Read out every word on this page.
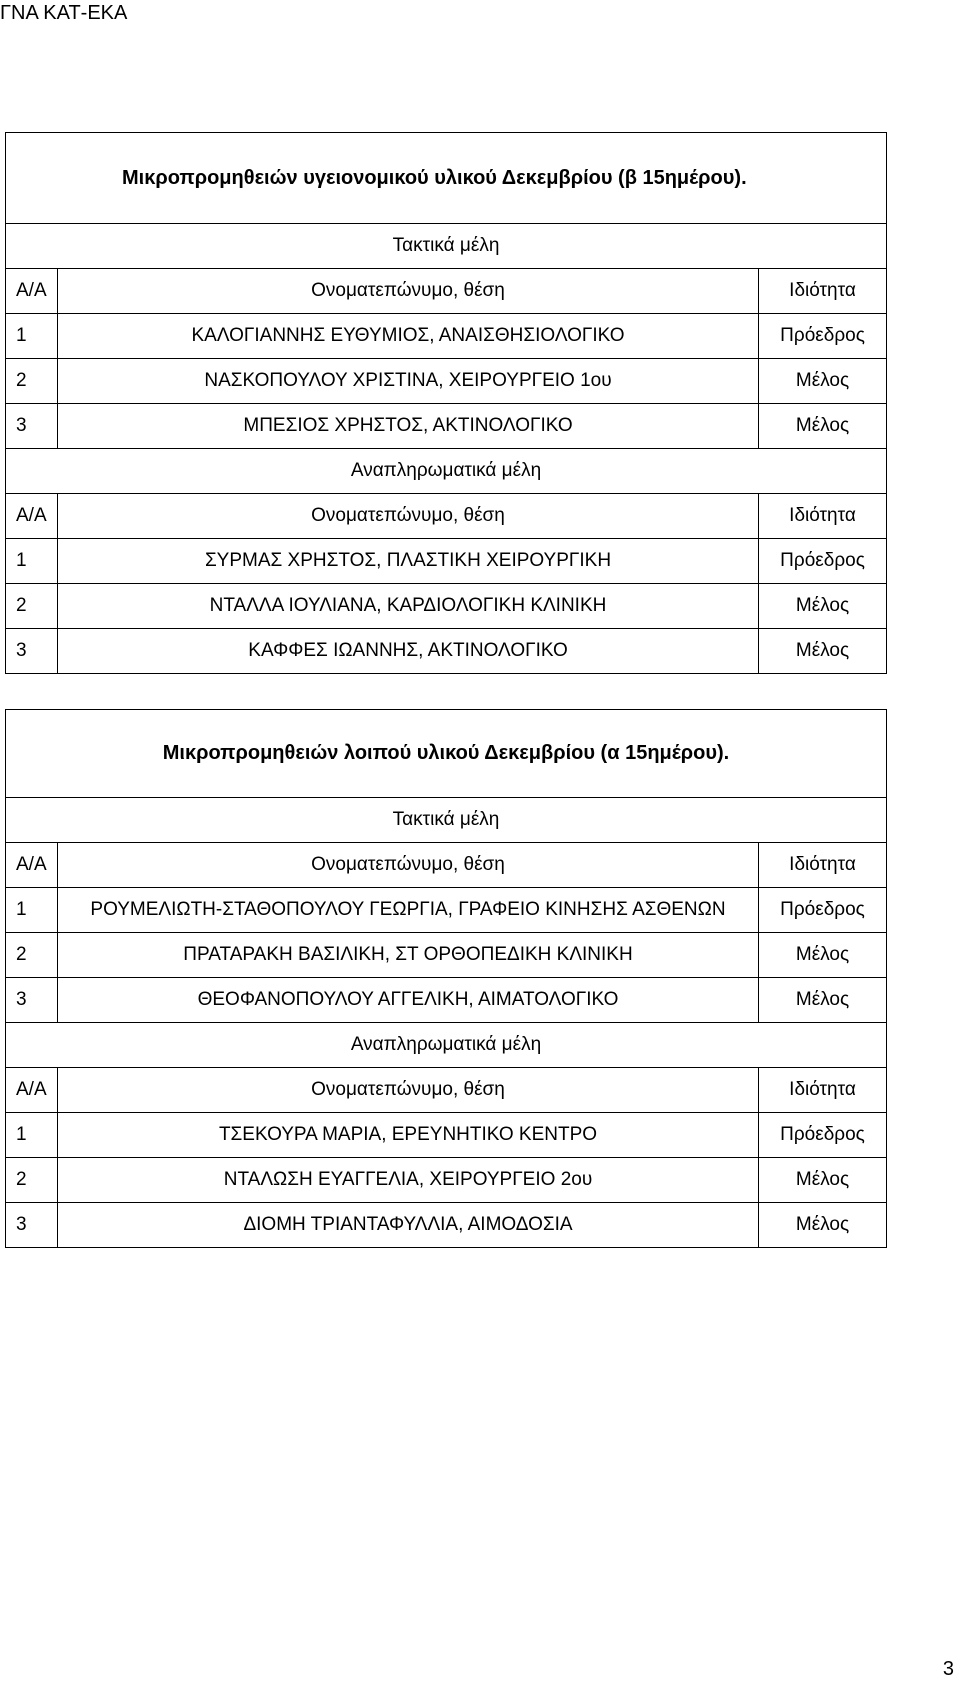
ΓΝΑ ΚΑΤ-ΕΚΑ
Μικροπρομηθειών υγειονομικού υλικού Δεκεμβρίου (β 15ημέρου).		
Τακτικά μέλη		
Α/Α	Ονοματεπώνυμο, θέση	Ιδιότητα
1	ΚΑΛΟΓΙΑΝΝΗΣ ΕΥΘΥΜΙΟΣ, ΑΝΑΙΣΘΗΣΙΟΛΟΓΙΚΟ	Πρόεδρος
2	ΝΑΣΚΟΠΟΥΛΟΥ ΧΡΙΣΤΙΝΑ, ΧΕΙΡΟΥΡΓΕΙΟ 1ου	Μέλος
3	ΜΠΕΣΙΟΣ ΧΡΗΣΤΟΣ, ΑΚΤΙΝΟΛΟΓΙΚΟ	Μέλος
Αναπληρωματικά μέλη		
Α/Α	Ονοματεπώνυμο, θέση	Ιδιότητα
1	ΣΥΡΜΑΣ ΧΡΗΣΤΟΣ, ΠΛΑΣΤΙΚΗ ΧΕΙΡΟΥΡΓΙΚΗ	Πρόεδρος
2	ΝΤΑΛΛΑ ΙΟΥΛΙΑΝΑ, ΚΑΡΔΙΟΛΟΓΙΚΗ ΚΛΙΝΙΚΗ	Μέλος
3	ΚΑΦΦΕΣ ΙΩΑΝΝΗΣ, ΑΚΤΙΝΟΛΟΓΙΚΟ	Μέλος
Μικροπρομηθειών λοιπού υλικού Δεκεμβρίου (α 15ημέρου).		
Τακτικά μέλη		
Α/Α	Ονοματεπώνυμο, θέση	Ιδιότητα
1	ΡΟΥΜΕΛΙΩΤΗ-ΣΤΑΘΟΠΟΥΛΟΥ ΓΕΩΡΓΙΑ, ΓΡΑΦΕΙΟ ΚΙΝΗΣΗΣ ΑΣΘΕΝΩΝ	Πρόεδρος
2	ΠΡΑΤΑΡΑΚΗ ΒΑΣΙΛΙΚΗ, ΣΤ ΟΡΘΟΠΕΔΙΚΗ ΚΛΙΝΙΚΗ	Μέλος
3	ΘΕΟΦΑΝΟΠΟΥΛΟΥ ΑΓΓΕΛΙΚΗ, ΑΙΜΑΤΟΛΟΓΙΚΟ	Μέλος
Αναπληρωματικά μέλη		
Α/Α	Ονοματεπώνυμο, θέση	Ιδιότητα
1	ΤΣΕΚΟΥΡΑ ΜΑΡΙΑ, ΕΡΕΥΝΗΤΙΚΟ ΚΕΝΤΡΟ	Πρόεδρος
2	ΝΤΑΛΩΣΗ ΕΥΑΓΓΕΛΙΑ, ΧΕΙΡΟΥΡΓΕΙΟ 2ου	Μέλος
3	ΔΙΟΜΗ ΤΡΙΑΝΤΑΦΥΛΛΙΑ, ΑΙΜΟΔΟΣΙΑ	Μέλος
3
